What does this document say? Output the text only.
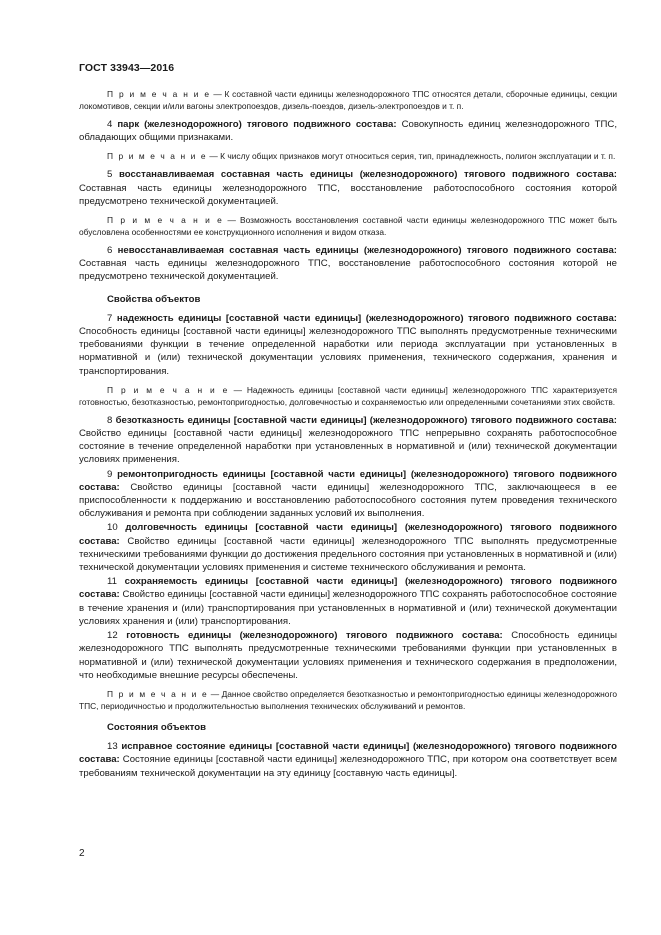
ГОСТ 33943—2016

П р и м е ч а н и е — К составной части единицы железнодорожного ТПС относятся детали, сборочные единицы, секции локомотивов, секции и/или вагоны электропоездов, дизель-поездов, дизель-электропоездов и т. п.

4 парк (железнодорожного) тягового подвижного состава: Совокупность единиц железнодорожного ТПС, обладающих общими признаками.

П р и м е ч а н и е — К числу общих признаков могут относиться серия, тип, принадлежность, полигон эксплуатации и т. п.

5 восстанавливаемая составная часть единицы (железнодорожного) тягового подвижного состава: Составная часть единицы железнодорожного ТПС, восстановление работоспособного состояния которой предусмотрено технической документацией.

П р и м е ч а н и е — Возможность восстановления составной части единицы железнодорожного ТПС может быть обусловлена особенностями ее конструкционного исполнения и видом отказа.

6 невосстанавливаемая составная часть единицы (железнодорожного) тягового подвижного состава: Составная часть единицы железнодорожного ТПС, восстановление работоспособного состояния которой не предусмотрено технической документацией.

Свойства объектов

7 надежность единицы [составной части единицы] (железнодорожного) тягового подвижного состава: Способность единицы [составной части единицы] железнодорожного ТПС выполнять предусмотренные техническими требованиями функции в течение определенной наработки или периода эксплуатации при установленных в нормативной и (или) технической документации условиях применения, технического содержания, хранения и транспортирования.

П р и м е ч а н и е — Надежность единицы [составной части единицы] железнодорожного ТПС характеризуется готовностью, безотказностью, ремонтопригодностью, долговечностью и сохраняемостью или определенными сочетаниями этих свойств.

8 безотказность единицы [составной части единицы] (железнодорожного) тягового подвижного состава: Свойство единицы [составной части единицы] железнодорожного ТПС непрерывно сохранять работоспособное состояние в течение определенной наработки при установленных в нормативной и (или) технической документации условиях применения.

9 ремонтопригодность единицы [составной части единицы] (железнодорожного) тягового подвижного состава: Свойство единицы [составной части единицы] железнодорожного ТПС, заключающееся в ее приспособленности к поддержанию и восстановлению работоспособного состояния путем проведения технического обслуживания и ремонта при соблюдении заданных условий их выполнения.

10 долговечность единицы [составной части единицы] (железнодорожного) тягового подвижного состава: Свойство единицы [составной части единицы] железнодорожного ТПС выполнять предусмотренные техническими требованиями функции до достижения предельного состояния при установленных в нормативной и (или) технической документации условиях применения и системе технического обслуживания и ремонта.

11 сохраняемость единицы [составной части единицы] (железнодорожного) тягового подвижного состава: Свойство единицы [составной части единицы] железнодорожного ТПС сохранять работоспособное состояние в течение хранения и (или) транспортирования при установленных в нормативной и (или) технической документации условиях хранения и (или) транспортирования.

12 готовность единицы (железнодорожного) тягового подвижного состава: Способность единицы железнодорожного ТПС выполнять предусмотренные техническими требованиями функции при установленных в нормативной и (или) технической документации условиях применения и технического содержания в предположении, что необходимые внешние ресурсы обеспечены.

П р и м е ч а н и е — Данное свойство определяется безотказностью и ремонтопригодностью единицы железнодорожного ТПС, периодичностью и продолжительностью выполнения технических обслуживаний и ремонтов.

Состояния объектов

13 исправное состояние единицы [составной части единицы] (железнодорожного) тягового подвижного состава: Состояние единицы [составной части единицы] железнодорожного ТПС, при котором она соответствует всем требованиям технической документации на эту единицу [составную часть единицы].

2
